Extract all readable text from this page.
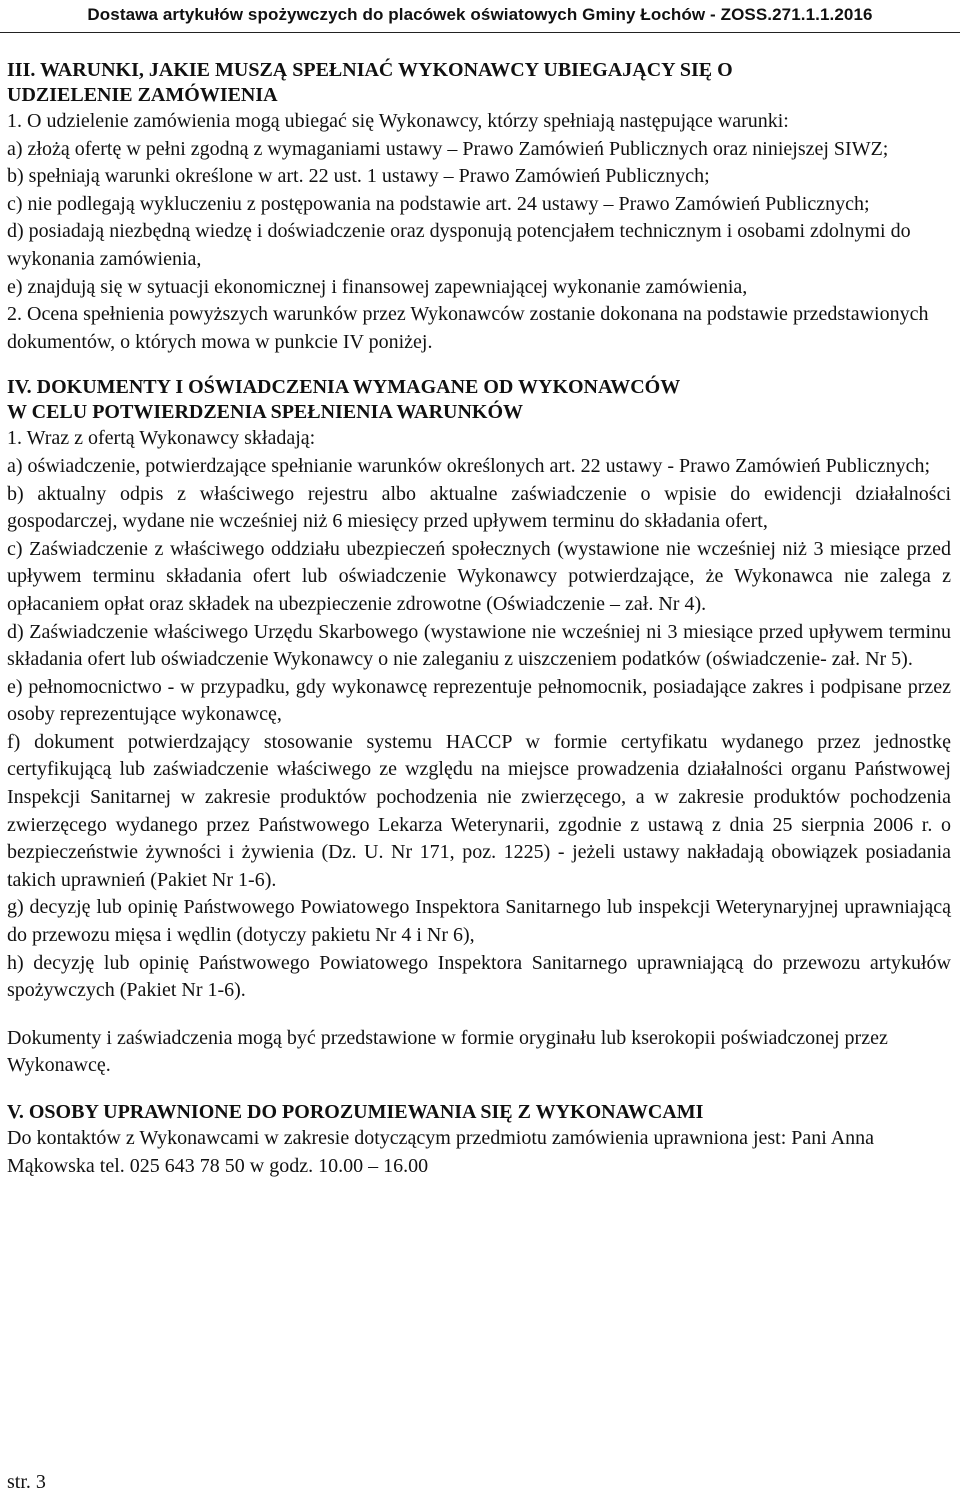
Dostawa artykułów spożywczych do placówek oświatowych Gminy Łochów - ZOSS.271.1.1.2016

III. WARUNKI, JAKIE MUSZĄ SPEŁNIAĆ WYKONAWCY UBIEGAJĄCY SIĘ O
UDZIELENIE ZAMÓWIENIA

1. O udzielenie zamówienia mogą ubiegać się Wykonawcy, którzy spełniają następujące warunki:

a) złożą ofertę w pełni zgodną z wymaganiami ustawy – Prawo Zamówień Publicznych oraz niniejszej SIWZ;

b) spełniają warunki określone w art. 22 ust. 1 ustawy – Prawo Zamówień Publicznych;

c) nie podlegają wykluczeniu z postępowania na podstawie art. 24 ustawy – Prawo Zamówień Publicznych;

d) posiadają niezbędną wiedzę i doświadczenie oraz dysponują potencjałem technicznym i osobami zdolnymi do wykonania zamówienia,

e) znajdują się w sytuacji ekonomicznej i finansowej zapewniającej wykonanie zamówienia,

2. Ocena spełnienia powyższych warunków przez Wykonawców zostanie dokonana na podstawie przedstawionych dokumentów, o których mowa w punkcie IV poniżej.

IV. DOKUMENTY I OŚWIADCZENIA WYMAGANE OD WYKONAWCÓW
W CELU POTWIERDZENIA SPEŁNIENIA WARUNKÓW

1. Wraz z ofertą Wykonawcy składają:

a) oświadczenie, potwierdzające spełnianie warunków określonych art. 22 ustawy - Prawo Zamówień Publicznych;

b) aktualny odpis z właściwego rejestru albo aktualne zaświadczenie o wpisie do ewidencji działalności gospodarczej, wydane nie wcześniej niż 6 miesięcy przed upływem terminu do składania ofert,

c) Zaświadczenie z właściwego oddziału ubezpieczeń społecznych (wystawione nie wcześniej niż 3 miesiące przed upływem terminu składania ofert lub oświadczenie Wykonawcy potwierdzające, że Wykonawca nie zalega z opłacaniem opłat oraz składek na ubezpieczenie zdrowotne (Oświadczenie – zał. Nr 4).

d) Zaświadczenie właściwego Urzędu Skarbowego (wystawione nie wcześniej ni 3 miesiące przed upływem terminu składania ofert lub oświadczenie Wykonawcy o nie zaleganiu z uiszczeniem podatków (oświadczenie- zał. Nr 5).

e) pełnomocnictwo - w przypadku, gdy wykonawcę reprezentuje pełnomocnik, posiadające zakres i podpisane przez osoby reprezentujące wykonawcę,

f) dokument potwierdzający stosowanie systemu HACCP w formie certyfikatu wydanego przez jednostkę certyfikującą lub zaświadczenie właściwego ze względu na miejsce prowadzenia działalności organu Państwowej Inspekcji Sanitarnej w zakresie produktów pochodzenia nie zwierzęcego, a w zakresie produktów pochodzenia zwierzęcego wydanego przez Państwowego Lekarza Weterynarii, zgodnie z ustawą z dnia 25 sierpnia 2006 r. o bezpieczeństwie żywności i żywienia (Dz. U. Nr 171, poz. 1225) - jeżeli ustawy nakładają obowiązek posiadania takich uprawnień (Pakiet Nr 1-6).

g) decyzję lub opinię Państwowego Powiatowego Inspektora Sanitarnego lub inspekcji Weterynaryjnej uprawniającą do przewozu mięsa i wędlin (dotyczy pakietu Nr 4 i Nr 6),

h) decyzję lub opinię Państwowego Powiatowego Inspektora Sanitarnego uprawniającą do przewozu artykułów spożywczych (Pakiet Nr 1-6).

Dokumenty i zaświadczenia mogą być przedstawione w formie oryginału lub kserokopii poświadczonej przez Wykonawcę.

V. OSOBY UPRAWNIONE DO POROZUMIEWANIA SIĘ Z WYKONAWCAMI

Do kontaktów z Wykonawcami w zakresie dotyczącym przedmiotu zamówienia uprawniona jest: Pani Anna Mąkowska tel. 025 643 78 50 w godz. 10.00 – 16.00

str. 3
